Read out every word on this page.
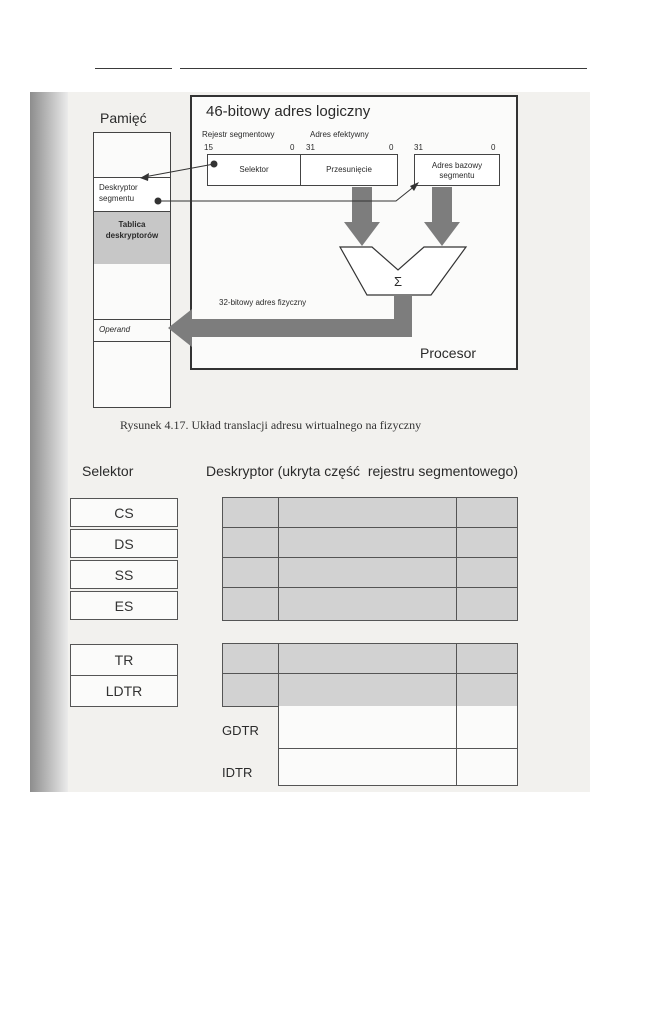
Pamięć
Deskryptor segmentu
Tablica deskryptorów
Operand
46-bitowy adres logiczny
Rejestr segmentowy	Adres efektywny
15	0 31	0	31	0
Selektor	Przesunięcie	Adres bazowy segmentu
32-bitowy adres fizyczny
Procesor
Σ
Rysunek 4.17. Układ translacji adresu wirtualnego na fizyczny
Selektor	Deskryptor (ukryta część  rejestru segmentowego)
CS
DS
SS
ES
TR
LDTR
GDTR
IDTR
